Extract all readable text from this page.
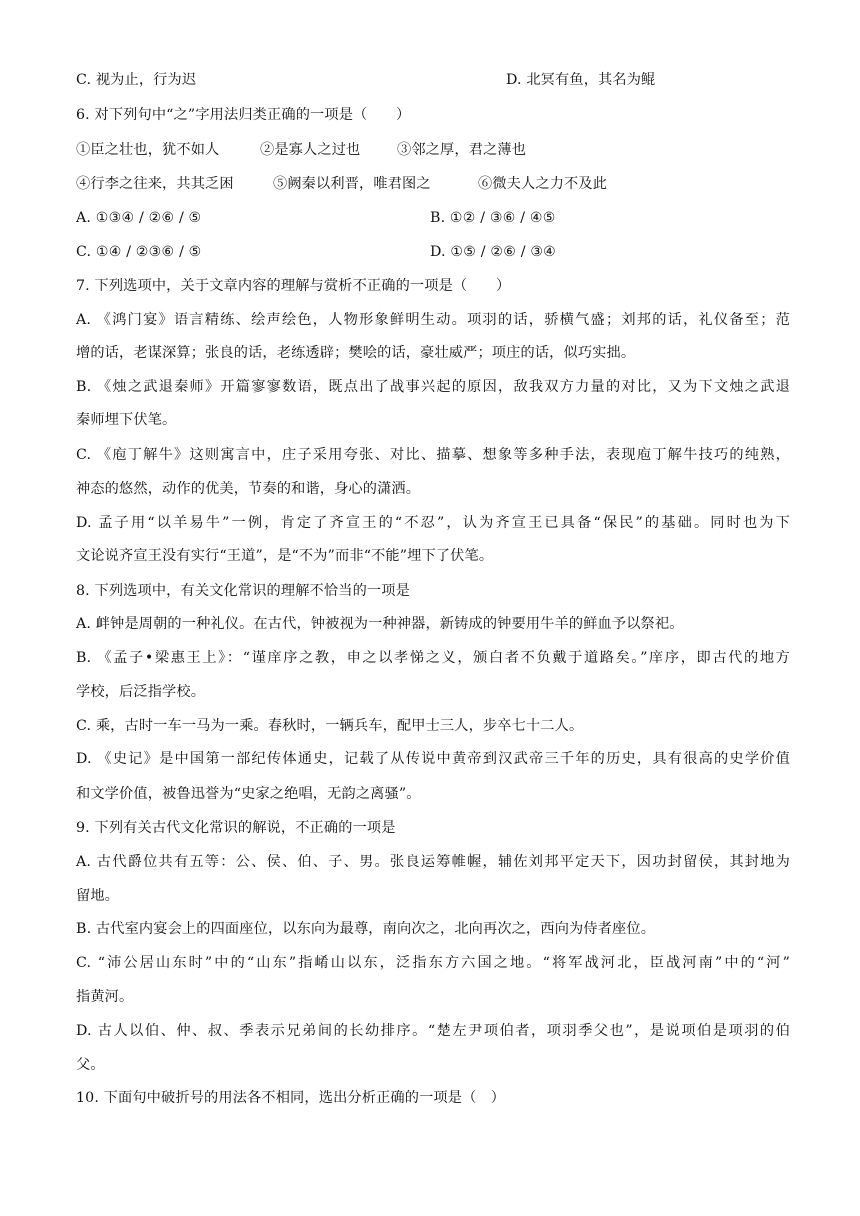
C. 视为止，行为迟	D. 北冥有鱼，其名为鲲
6. 对下列句中“之”字用法归类正确的一项是（　　）
①臣之壮也，犹不如人	②是寡人之过也	③邻之厚，君之薄也
④行李之往来，共其乏困	⑤阙秦以利晋，唯君图之	⑥微夫人之力不及此
A. ①③④ / ②⑥ / ⑤	B. ①② / ③⑥ / ④⑤
C. ①④ / ②③⑥ / ⑤	D. ①⑤ / ②⑥ / ③④
7. 下列选项中，关于文章内容的理解与赏析不正确的一项是（　　）
A. 《鸿门宴》语言精练、绘声绘色，人物形象鲜明生动。项羽的话，骄横气盛；刘邦的话，礼仪备至；范
增的话，老谋深算；张良的话，老练透辟；樊哙的话，豪壮威严；项庄的话，似巧实拙。
B. 《烛之武退秦师》开篇寥寥数语，既点出了战事兴起的原因，敌我双方力量的对比，又为下文烛之武退
秦师埋下伏笔。
C. 《庖丁解牛》这则寓言中，庄子采用夸张、对比、描摹、想象等多种手法，表现庖丁解牛技巧的纯熟，
神态的悠然，动作的优美，节奏的和谐，身心的潇洒。
D. 孟子用“以羊易牛”一例，肯定了齐宣王的“不忍”，认为齐宣王已具备“保民”的基础。同时也为下
文论说齐宣王没有实行“王道”，是“不为”而非“不能”埋下了伏笔。
8. 下列选项中，有关文化常识的理解不恰当的一项是
A. 衅钟是周朝的一种礼仪。在古代，钟被视为一种神器，新铸成的钟要用牛羊的鲜血予以祭祀。
B. 《孟子•梁惠王上》：“谨庠序之教，申之以孝悌之义，颁白者不负戴于道路矣。”庠序，即古代的地方
学校，后泛指学校。
C. 乘，古时一车一马为一乘。春秋时，一辆兵车，配甲士三人，步卒七十二人。
D. 《史记》是中国第一部纪传体通史，记载了从传说中黄帝到汉武帝三千年的历史，具有很高的史学价值
和文学价值，被鲁迅誉为“史家之绝唱，无韵之离骚”。
9. 下列有关古代文化常识的解说，不正确的一项是
A. 古代爵位共有五等：公、侯、伯、子、男。张良运筹帷幄，辅佐刘邦平定天下，因功封留侯，其封地为
留地。
B. 古代室内宴会上的四面座位，以东向为最尊，南向次之，北向再次之，西向为侍者座位。
C. “沛公居山东时”中的“山东”指崤山以东，泛指东方六国之地。“将军战河北，臣战河南”中的“河”
指黄河。
D. 古人以伯、仲、叔、季表示兄弟间的长幼排序。“楚左尹项伯者，项羽季父也”，是说项伯是项羽的伯
父。
10. 下面句中破折号的用法各不相同，选出分析正确的一项是（　）
